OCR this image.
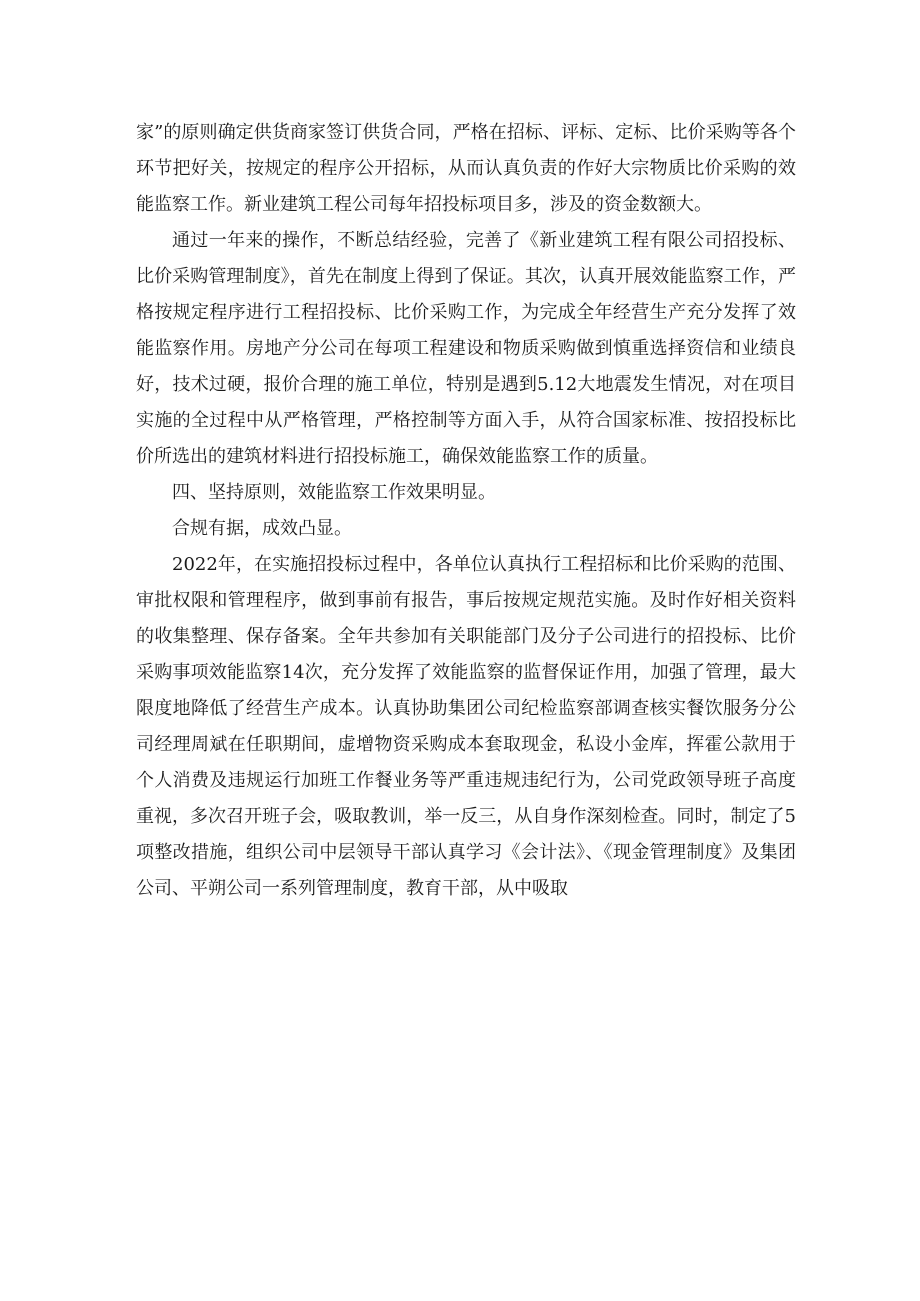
家”的原则确定供货商家签订供货合同，严格在招标、评标、定标、比价采购等各个环节把好关，按规定的程序公开招标，从而认真负责的作好大宗物质比价采购的效能监察工作。新业建筑工程公司每年招投标项目多，涉及的资金数额大。

通过一年来的操作，不断总结经验，完善了《新业建筑工程有限公司招投标、比价采购管理制度》，首先在制度上得到了保证。其次，认真开展效能监察工作，严格按规定程序进行工程招投标、比价采购工作，为完成全年经营生产充分发挥了效能监察作用。房地产分公司在每项工程建设和物质采购做到慎重选择资信和业绩良好，技术过硬，报价合理的施工单位，特别是遇到5.12大地震发生情况，对在项目实施的全过程中从严格管理，严格控制等方面入手，从符合国家标准、按招投标比价所选出的建筑材料进行招投标施工，确保效能监察工作的质量。

四、坚持原则，效能监察工作效果明显。

合规有据，成效凸显。

2022年，在实施招投标过程中，各单位认真执行工程招标和比价采购的范围、审批权限和管理程序，做到事前有报告，事后按规定规范实施。及时作好相关资料的收集整理、保存备案。全年共参加有关职能部门及分子公司进行的招投标、比价采购事项效能监察14次，充分发挥了效能监察的监督保证作用，加强了管理，最大限度地降低了经营生产成本。认真协助集团公司纪检监察部调查核实餐饮服务分公司经理周斌在任职期间，虚增物资采购成本套取现金，私设小金库，挥霍公款用于个人消费及违规运行加班工作餐业务等严重违规违纪行为，公司党政领导班子高度重视，多次召开班子会，吸取教训，举一反三，从自身作深刻检查。同时，制定了5项整改措施，组织公司中层领导干部认真学习《会计法》、《现金管理制度》及集团公司、平朔公司一系列管理制度，教育干部，从中吸取
